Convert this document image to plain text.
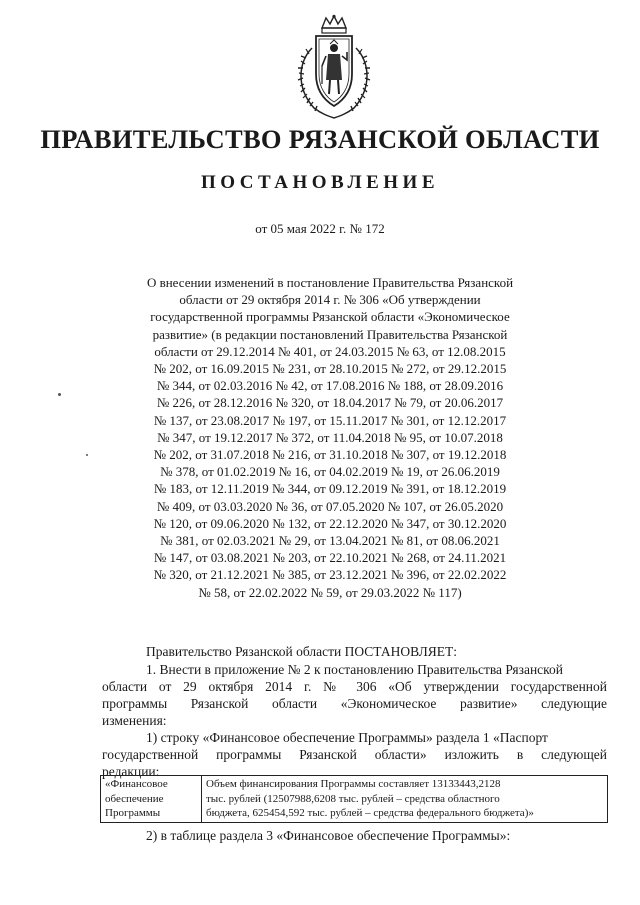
ПРАВИТЕЛЬСТВО РЯЗАНСКОЙ ОБЛАСТИ
ПОСТАНОВЛЕНИЕ
от 05 мая 2022 г. № 172
О внесении изменений в постановление Правительства Рязанской
области от 29 октября 2014 г. № 306 «Об утверждении
государственной программы Рязанской области «Экономическое
развитие» (в редакции постановлений Правительства Рязанской
области от 29.12.2014 № 401, от 24.03.2015 № 63, от 12.08.2015
№ 202, от 16.09.2015 № 231, от 28.10.2015 № 272, от 29.12.2015
№ 344, от 02.03.2016 № 42, от 17.08.2016 № 188, от 28.09.2016
№ 226, от 28.12.2016 № 320, от 18.04.2017 № 79, от 20.06.2017
№ 137, от 23.08.2017 № 197, от 15.11.2017 № 301, от 12.12.2017
№ 347, от 19.12.2017 № 372, от 11.04.2018 № 95, от 10.07.2018
№ 202, от 31.07.2018 № 216, от 31.10.2018 № 307, от 19.12.2018
№ 378, от 01.02.2019 № 16, от 04.02.2019 № 19, от 26.06.2019
№ 183, от 12.11.2019 № 344, от 09.12.2019 № 391, от 18.12.2019
№ 409, от 03.03.2020 № 36, от 07.05.2020 № 107, от 26.05.2020
№ 120, от 09.06.2020 № 132, от 22.12.2020 № 347, от 30.12.2020
№ 381, от 02.03.2021 № 29, от 13.04.2021 № 81, от 08.06.2021
№ 147, от 03.08.2021 № 203, от 22.10.2021 № 268, от 24.11.2021
№ 320, от 21.12.2021 № 385, от 23.12.2021 № 396, от 22.02.2022
№ 58, от 22.02.2022 № 59, от 29.03.2022 № 117)
Правительство Рязанской области ПОСТАНОВЛЯЕТ:
1. Внести в приложение № 2 к постановлению Правительства Рязанской
области от 29 октября 2014 г. № 306 «Об утверждении государственной
программы Рязанской области «Экономическое развитие» следующие
изменения:
1) строку «Финансовое обеспечение Программы» раздела 1 «Паспорт
государственной программы Рязанской области» изложить в следующей
редакции:
«Финансовое
обеспечение
Программы

Объем финансирования Программы составляет 13133443,2128
тыс. рублей (12507988,6208 тыс. рублей – средства областного
бюджета, 625454,592 тыс. рублей – средства федерального бюджета)»
2) в таблице раздела 3 «Финансовое обеспечение Программы»:
